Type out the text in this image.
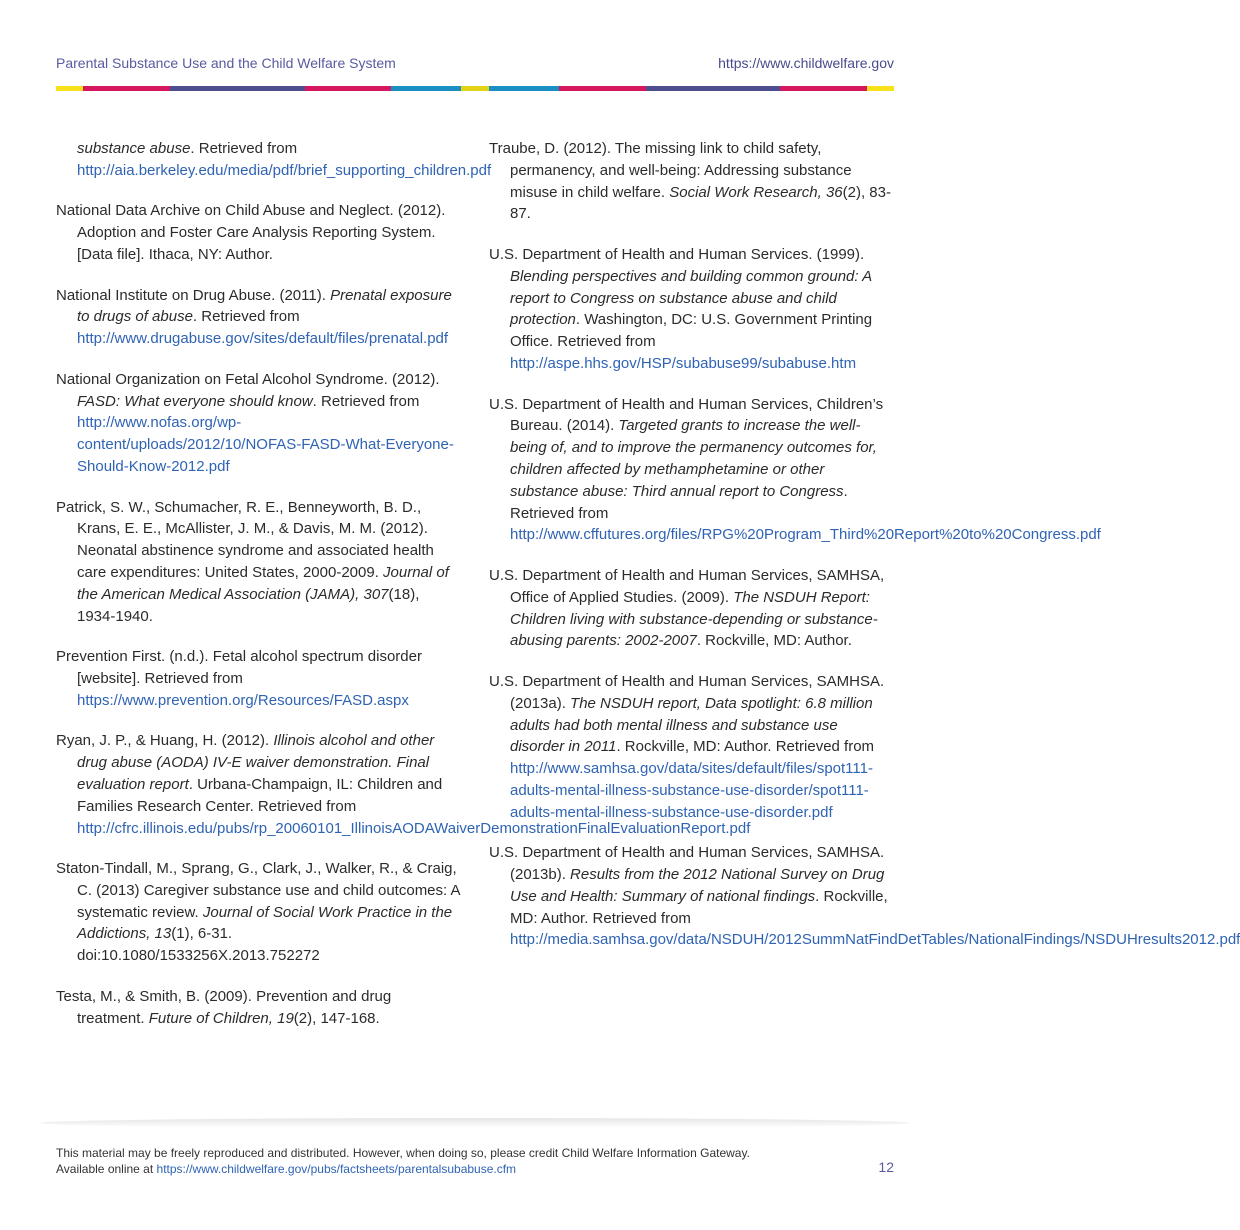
Parental Substance Use and the Child Welfare System	https://www.childwelfare.gov

substance abuse. Retrieved from http://aia.berkeley.edu/media/pdf/brief_supporting_children.pdf

National Data Archive on Child Abuse and Neglect. (2012). Adoption and Foster Care Analysis Reporting System. [Data file]. Ithaca, NY: Author.

National Institute on Drug Abuse. (2011). Prenatal exposure to drugs of abuse. Retrieved from http://www.drugabuse.gov/sites/default/files/prenatal.pdf

National Organization on Fetal Alcohol Syndrome. (2012). FASD: What everyone should know. Retrieved from http://www.nofas.org/wp-content/uploads/2012/10/NOFAS-FASD-What-Everyone-Should-Know-2012.pdf

Patrick, S. W., Schumacher, R. E., Benneyworth, B. D., Krans, E. E., McAllister, J. M., & Davis, M. M. (2012). Neonatal abstinence syndrome and associated health care expenditures: United States, 2000-2009. Journal of the American Medical Association (JAMA), 307(18), 1934-1940.

Prevention First. (n.d.). Fetal alcohol spectrum disorder [website]. Retrieved from https://www.prevention.org/Resources/FASD.aspx

Ryan, J. P., & Huang, H. (2012). Illinois alcohol and other drug abuse (AODA) IV-E waiver demonstration. Final evaluation report. Urbana-Champaign, IL: Children and Families Research Center. Retrieved from http://cfrc.illinois.edu/pubs/rp_20060101_IllinoisAODAWaiverDemonstrationFinalEvaluationReport.pdf

Staton-Tindall, M., Sprang, G., Clark, J., Walker, R., & Craig, C. (2013) Caregiver substance use and child outcomes: A systematic review. Journal of Social Work Practice in the Addictions, 13(1), 6-31. doi:10.1080/1533256X.2013.752272

Testa, M., & Smith, B. (2009). Prevention and drug treatment. Future of Children, 19(2), 147-168.

Traube, D. (2012). The missing link to child safety, permanency, and well-being: Addressing substance misuse in child welfare. Social Work Research, 36(2), 83-87.

U.S. Department of Health and Human Services. (1999). Blending perspectives and building common ground: A report to Congress on substance abuse and child protection. Washington, DC: U.S. Government Printing Office. Retrieved from http://aspe.hhs.gov/HSP/subabuse99/subabuse.htm

U.S. Department of Health and Human Services, Children’s Bureau. (2014). Targeted grants to increase the well-being of, and to improve the permanency outcomes for, children affected by methamphetamine or other substance abuse: Third annual report to Congress. Retrieved from http://www.cffutures.org/files/RPG%20Program_Third%20Report%20to%20Congress.pdf

U.S. Department of Health and Human Services, SAMHSA, Office of Applied Studies. (2009). The NSDUH Report: Children living with substance-depending or substance-abusing parents: 2002-2007. Rockville, MD: Author.

U.S. Department of Health and Human Services, SAMHSA. (2013a). The NSDUH report, Data spotlight: 6.8 million adults had both mental illness and substance use disorder in 2011. Rockville, MD: Author. Retrieved from http://www.samhsa.gov/data/sites/default/files/spot111-adults-mental-illness-substance-use-disorder/spot111-adults-mental-illness-substance-use-disorder.pdf

U.S. Department of Health and Human Services, SAMHSA. (2013b). Results from the 2012 National Survey on Drug Use and Health: Summary of national findings. Rockville, MD: Author. Retrieved from http://media.samhsa.gov/data/NSDUH/2012SummNatFindDetTables/NationalFindings/NSDUHresults2012.pdf

This material may be freely reproduced and distributed. However, when doing so, please credit Child Welfare Information Gateway.
Available online at https://www.childwelfare.gov/pubs/factsheets/parentalsubabuse.cfm	12
